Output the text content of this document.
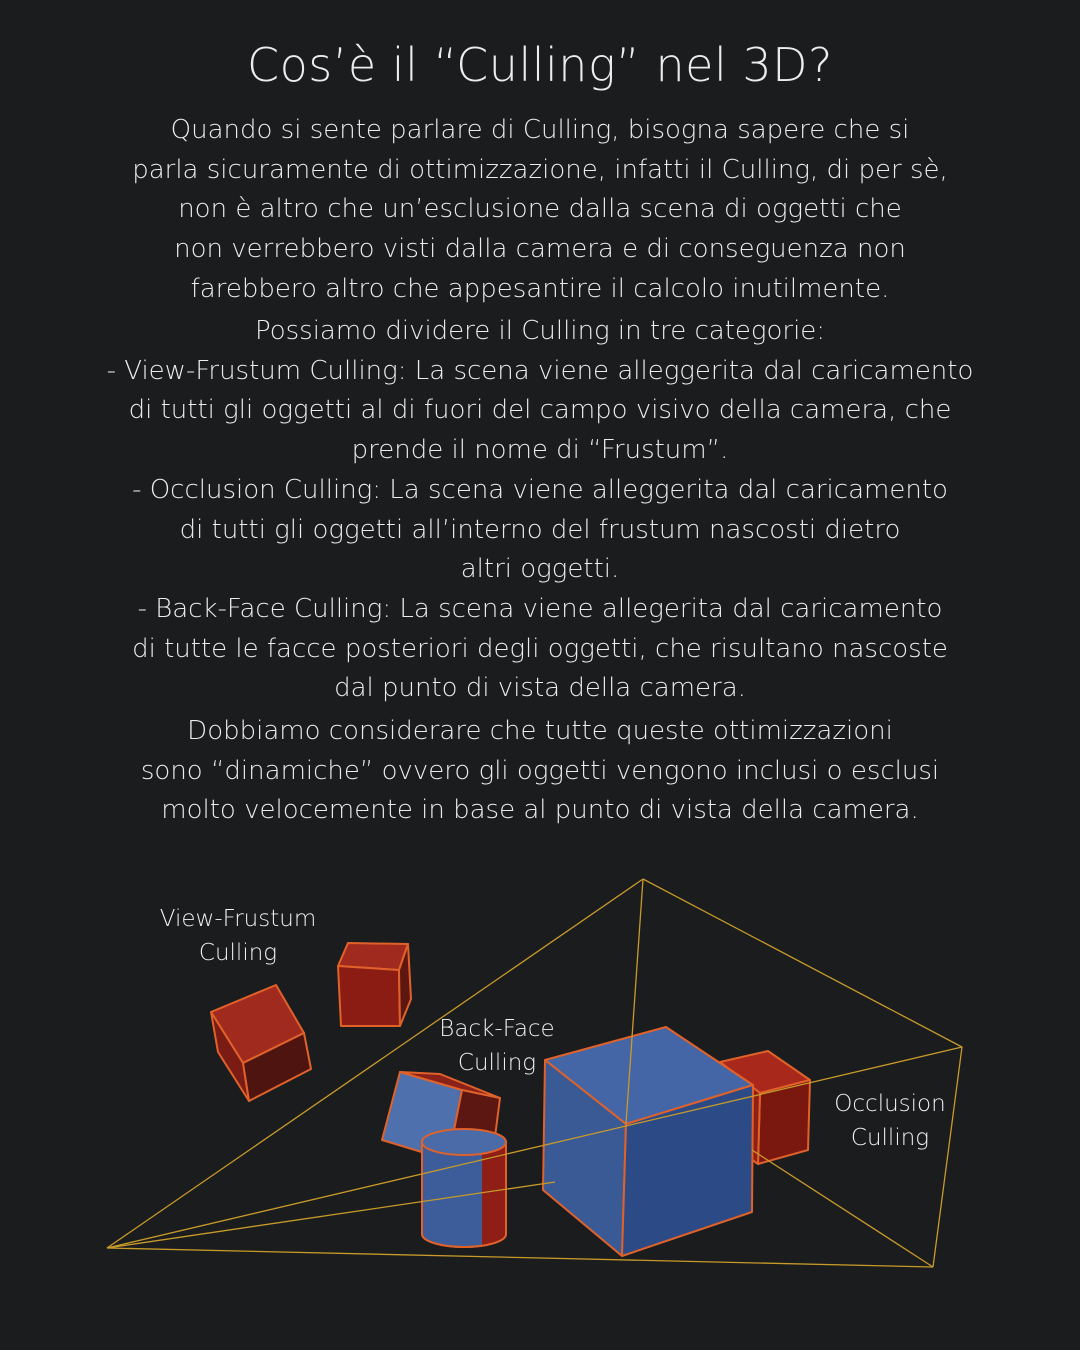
Cos’è il “Culling” nel 3D?
Quando si sente parlare di Culling, bisogna sapere che si
parla sicuramente di ottimizzazione, infatti il Culling, di per sè,
non è altro che un’esclusione dalla scena di oggetti che
non verrebbero visti dalla camera e di conseguenza non
farebbero altro che appesantire il calcolo inutilmente.
Possiamo dividere il Culling in tre categorie:
- View-Frustum Culling: La scena viene alleggerita dal caricamento
di tutti gli oggetti al di fuori del campo visivo della camera, che
prende il nome di “Frustum”.
- Occlusion Culling: La scena viene alleggerita dal caricamento
di tutti gli oggetti all’interno del frustum nascosti dietro
altri oggetti.
- Back-Face Culling: La scena viene allegerita dal caricamento
di tutte le facce posteriori degli oggetti, che risultano nascoste
dal punto di vista della camera.
Dobbiamo considerare che tutte queste ottimizzazioni
sono “dinamiche” ovvero gli oggetti vengono inclusi o esclusi
molto velocemente in base al punto di vista della camera.
View-Frustum
Culling
Back-Face
Culling
Occlusion
Culling
